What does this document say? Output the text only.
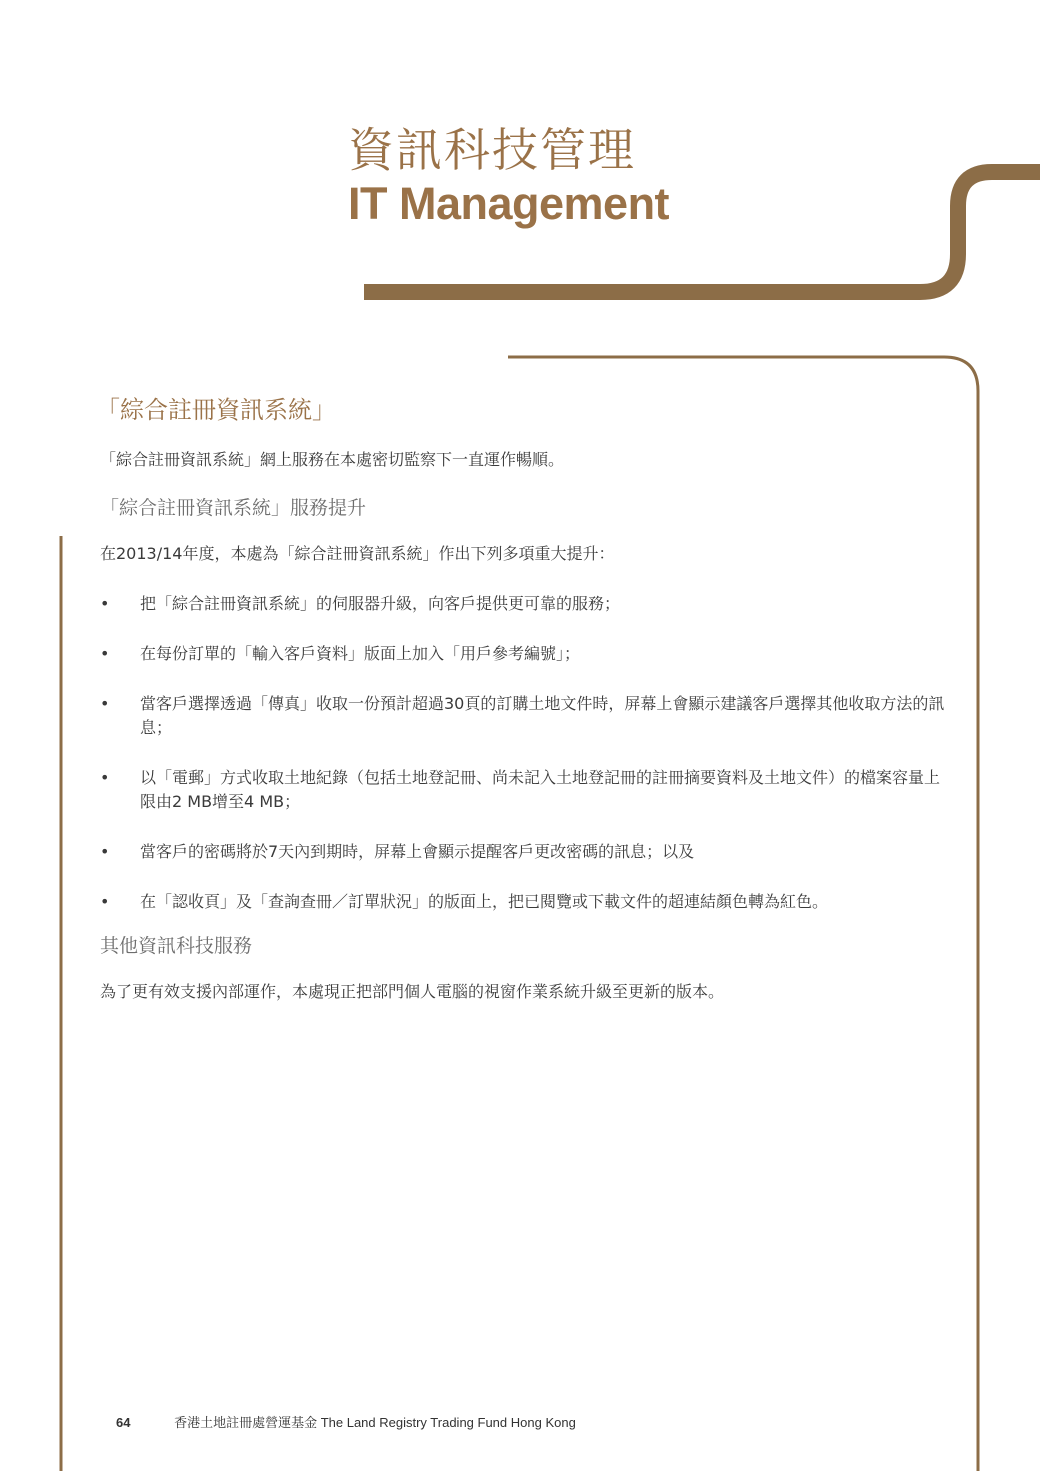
資訊科技管理
IT Management
「綜合註冊資訊系統」

「綜合註冊資訊系統」網上服務在本處密切監察下一直運作暢順。

「綜合註冊資訊系統」服務提升

在2013/14年度，本處為「綜合註冊資訊系統」作出下列多項重大提升：

• 把「綜合註冊資訊系統」的伺服器升級，向客戶提供更可靠的服務；
• 在每份訂單的「輸入客戶資料」版面上加入「用戶參考編號」；
• 當客戶選擇透過「傳真」收取一份預計超過30頁的訂購土地文件時，屏幕上會顯示建議客戶選擇其他收取方法的訊息；
• 以「電郵」方式收取土地紀錄（包括土地登記冊、尚未記入土地登記冊的註冊摘要資料及土地文件）的檔案容量上限由2 MB增至4 MB；
• 當客戶的密碼將於7天內到期時，屏幕上會顯示提醒客戶更改密碼的訊息；以及
• 在「認收頁」及「查詢查冊／訂單狀況」的版面上，把已閱覽或下載文件的超連結顏色轉為紅色。
其他資訊科技服務

為了更有效支援內部運作，本處現正把部門個人電腦的視窗作業系統升級至更新的版本。

64	香港土地註冊處營運基金 The Land Registry Trading Fund Hong Kong
